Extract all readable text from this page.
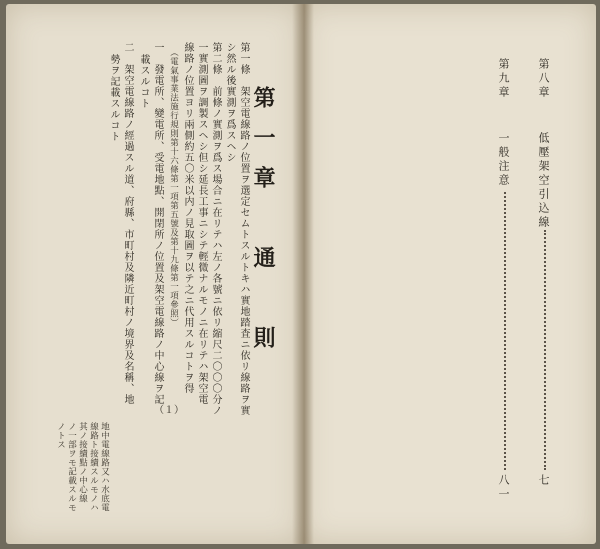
第一條　架空電線路ノ位置ヲ選定セムトスルトキハ實地踏査ニ依リ線路ヲ實
シ然ル後實測ヲ爲スヘシ
第二條　前條ノ實測ヲ爲ス場合ニ在リテハ左ノ各號ニ依リ縮尺二〇〇〇分ノ
一實測圖ヲ調製スヘシ但シ延長工事ニシテ輕微ナルモノニ在リテハ架空電
線路ノ位置ヨリ兩側約五〇米以内ノ見取圖ヲ以テ之ニ代用スルコトヲ得
（電氣事業法施行規則第十六條第一項第五號及第十九條第一項參照）
一　發電所、變電所、受電地點、開閉所ノ位置及架空電線路ノ中心線ヲ記
載スルコト
二　架空電線路ノ經過スル道、府縣、市町村及隣近町村ノ境界及名稱、地
勢ヲ記載スルコト	第一章　通　則
（１）
地中電線路又ハ水底電
線路ト接續スルモノハ
其ノ接續點ノ中心線
ノ一部ヲモ記載スルモ
ノトス
第八章
低壓架空引込線
七
第九章
一般注意
八一
